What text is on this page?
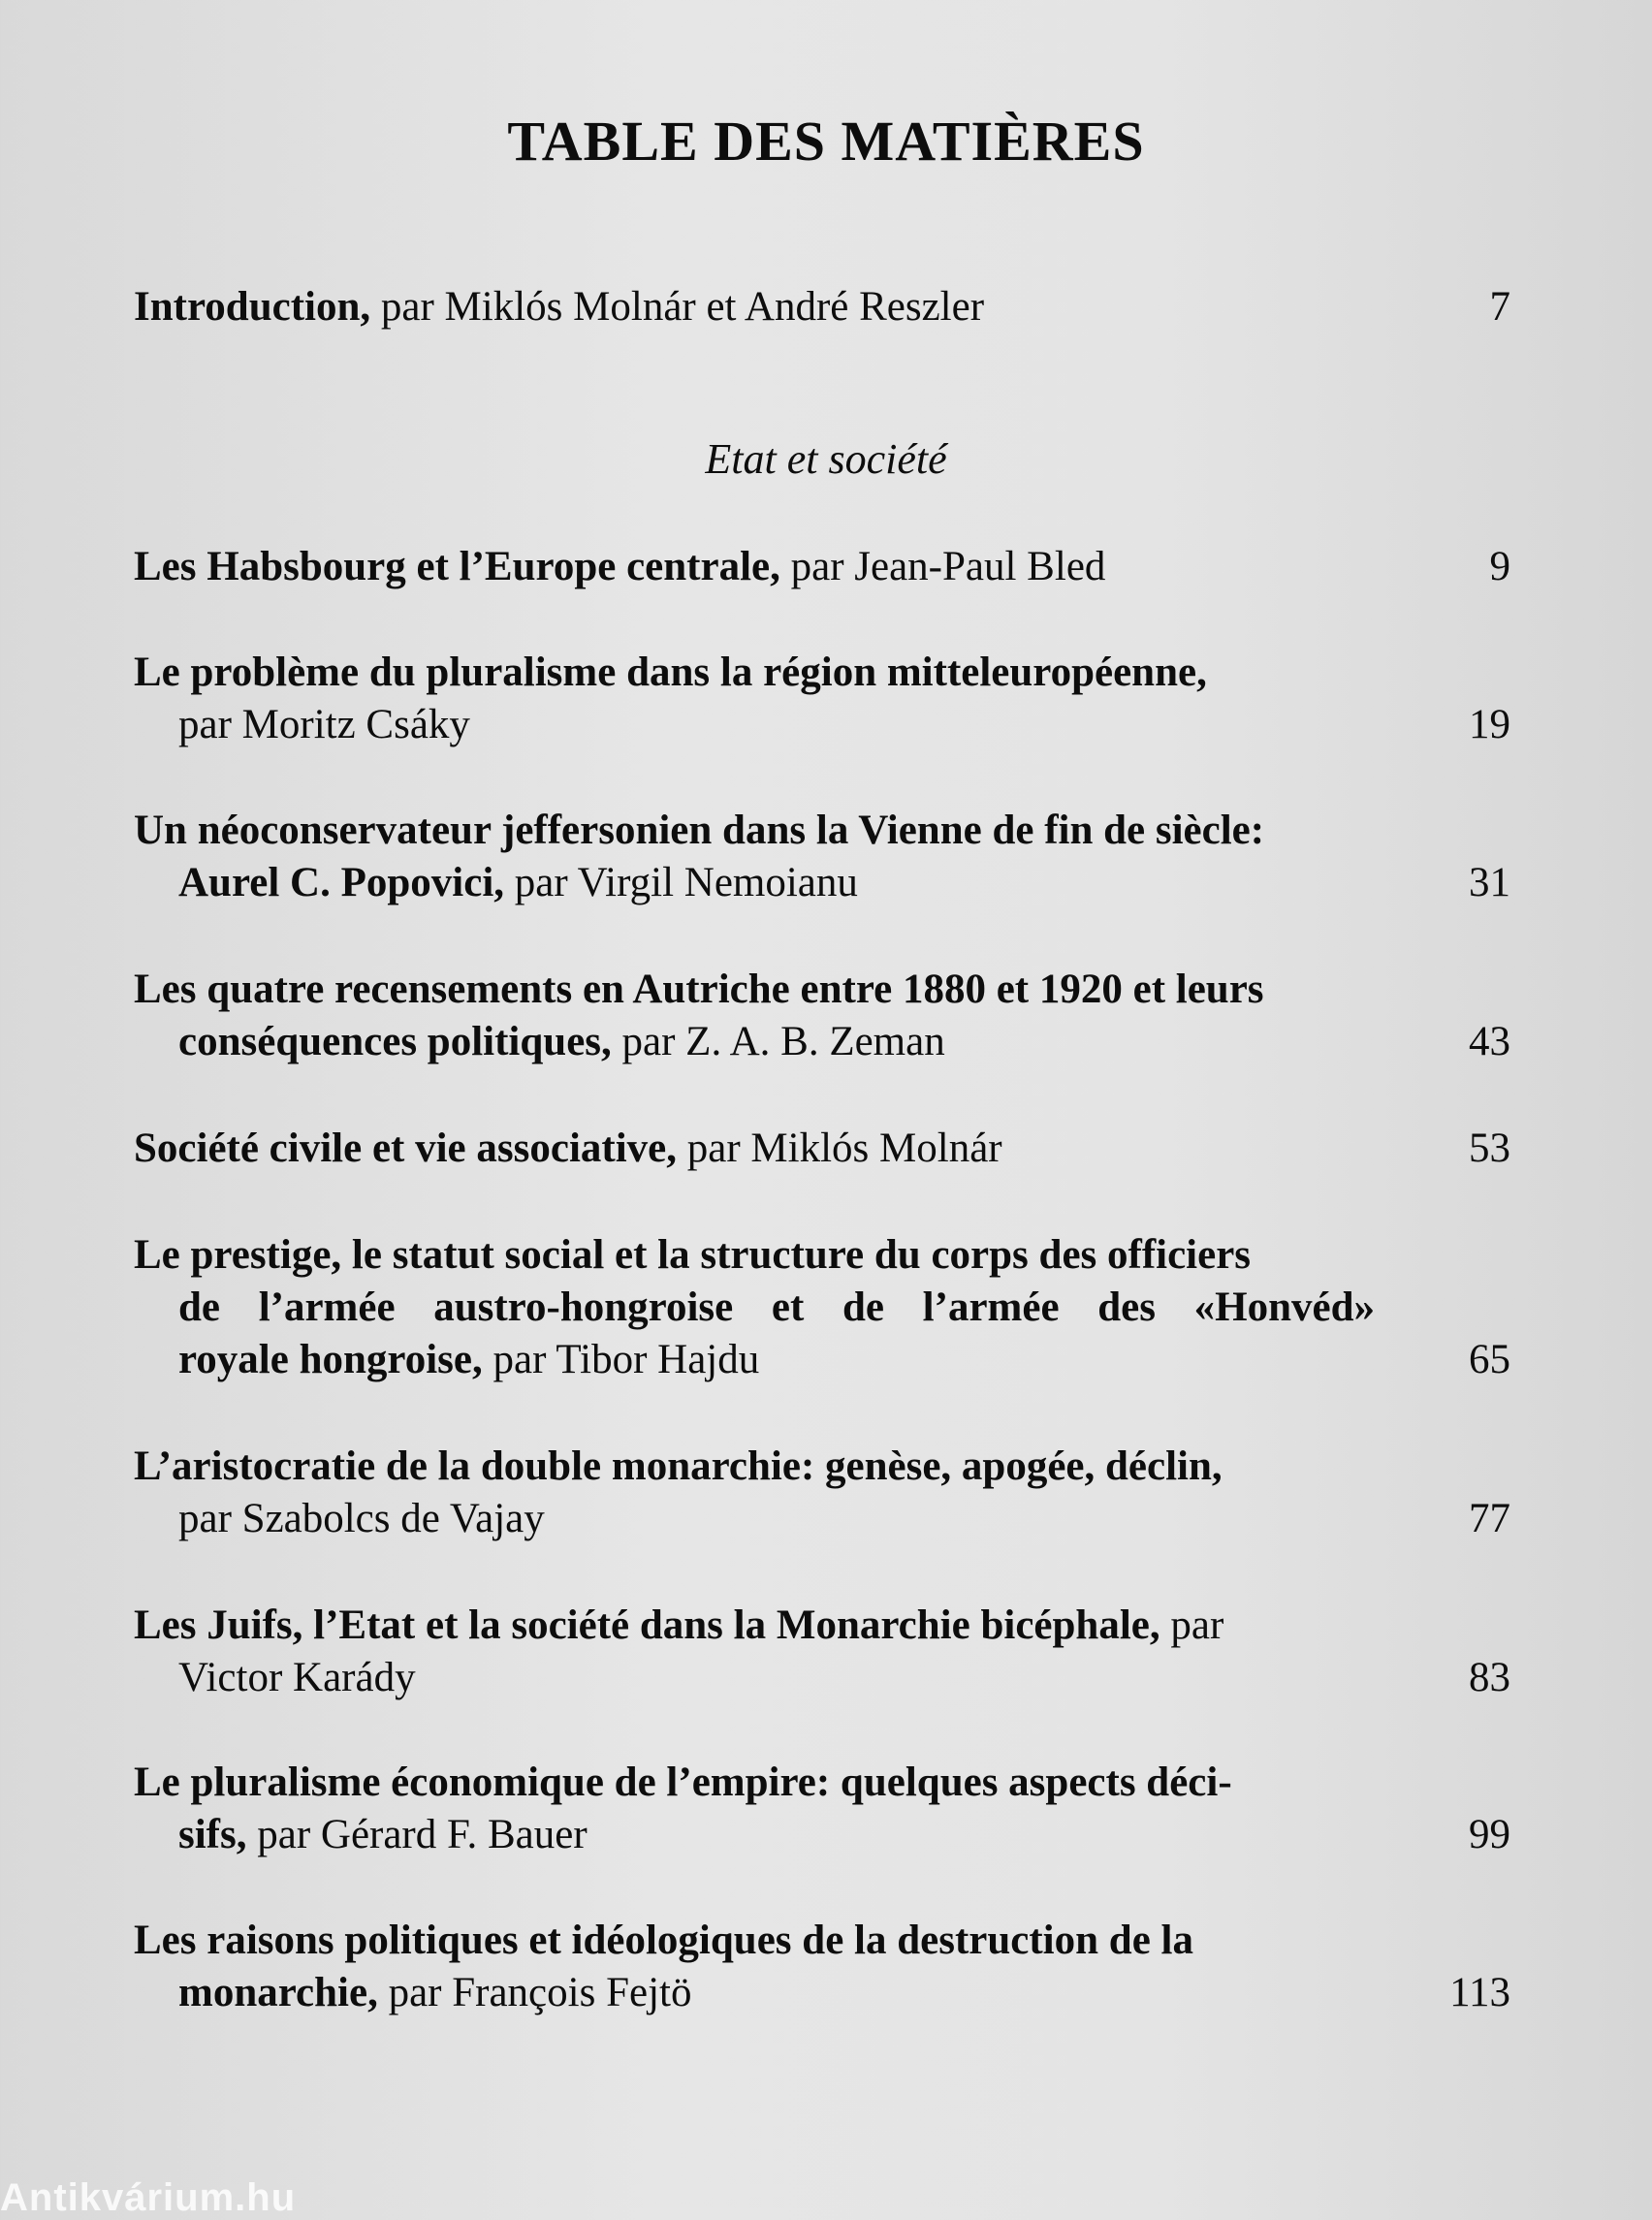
TABLE DES MATIÈRES
Introduction, par Miklós Molnár et André Reszler	7
Etat et société
Les Habsbourg et l’Europe centrale, par Jean-Paul Bled	9
Le problème du pluralisme dans la région mitteleuropéenne,
par Moritz Csáky	19
Un néoconservateur jeffersonien dans la Vienne de fin de siècle:
Aurel C. Popovici, par Virgil Nemoianu	31
Les quatre recensements en Autriche entre 1880 et 1920 et leurs
conséquences politiques, par Z. A. B. Zeman	43
Société civile et vie associative, par Miklós Molnár	53
Le prestige, le statut social et la structure du corps des officiers
de l’armée austro-hongroise et de l’armée des «Honvéd»
royale hongroise, par Tibor Hajdu	65
L’aristocratie de la double monarchie: genèse, apogée, déclin,
par Szabolcs de Vajay	77
Les Juifs, l’Etat et la société dans la Monarchie bicéphale, par
Victor Karády	83
Le pluralisme économique de l’empire: quelques aspects déci-
sifs, par Gérard F. Bauer	99
Les raisons politiques et idéologiques de la destruction de la
monarchie, par François Fejtö	113
Antikvárium.hu
